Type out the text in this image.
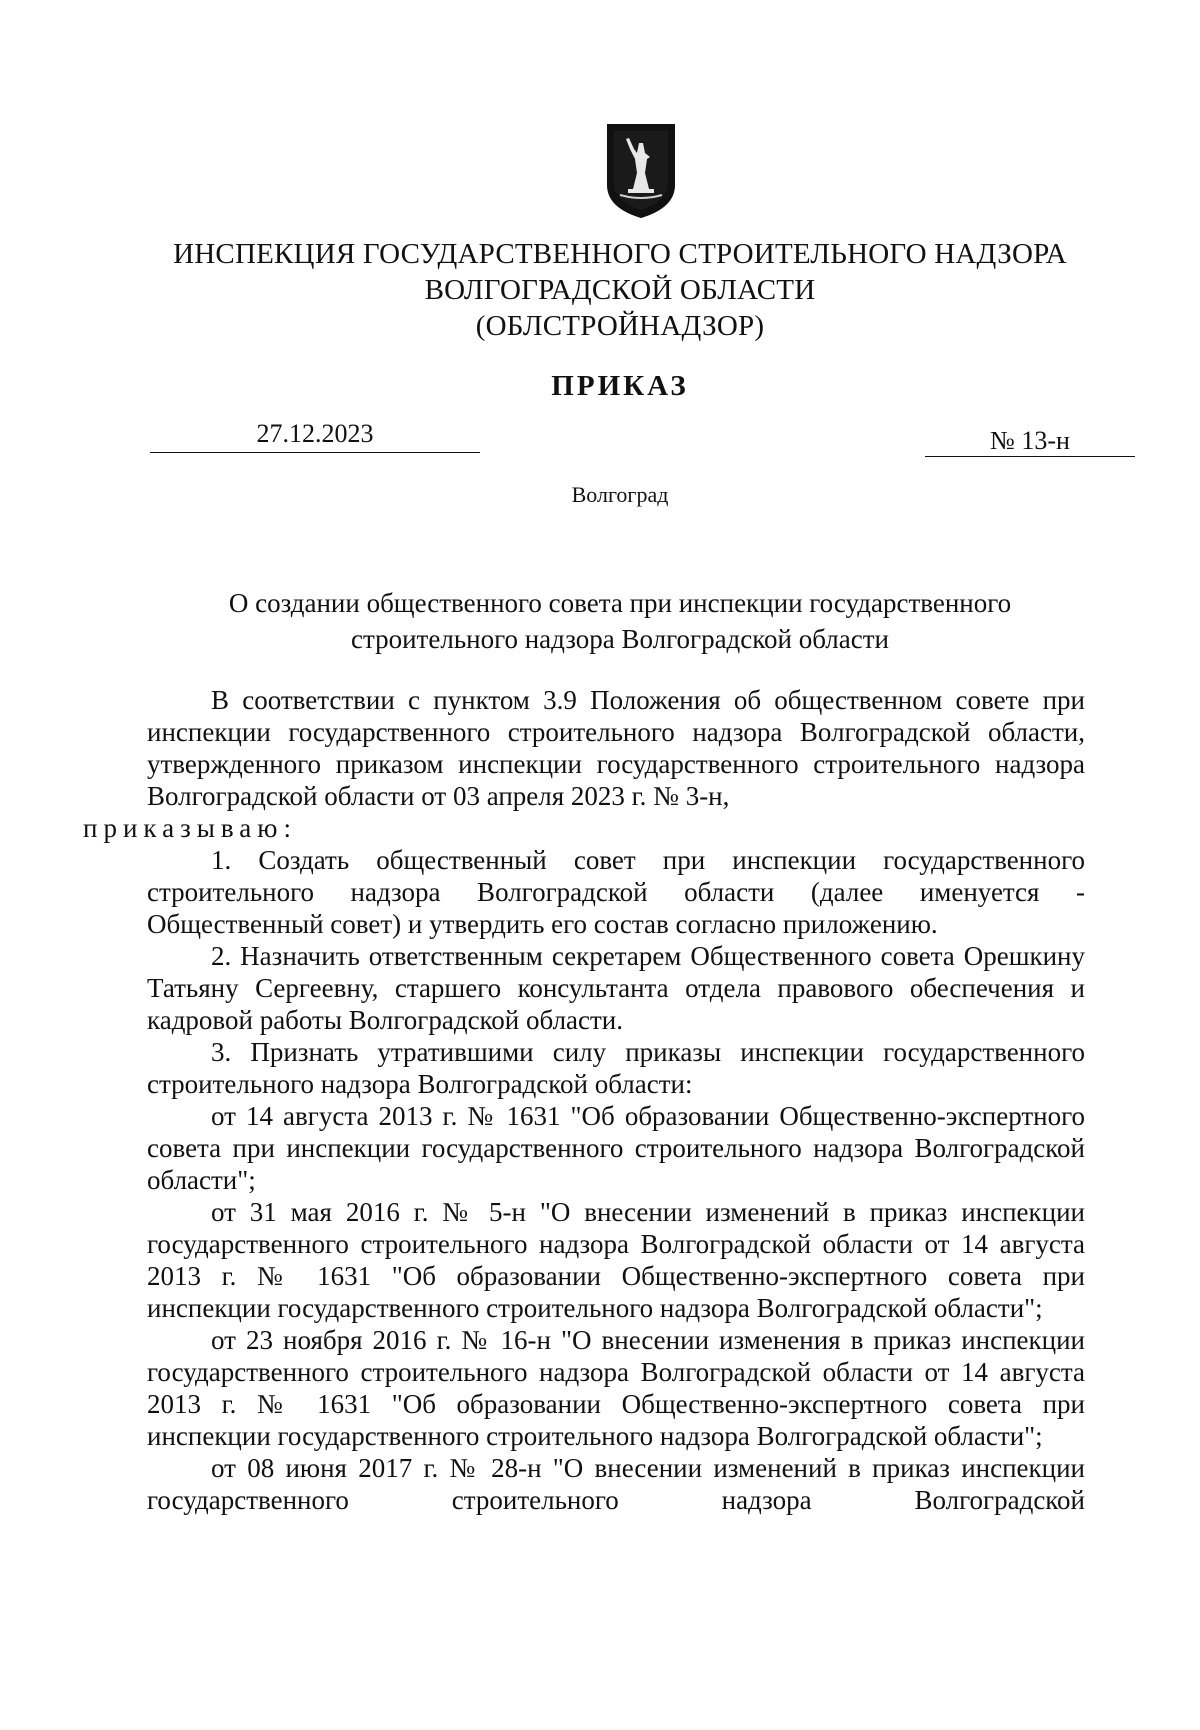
ИНСПЕКЦИЯ ГОСУДАРСТВЕННОГО СТРОИТЕЛЬНОГО НАДЗОРА
ВОЛГОГРАДСКОЙ ОБЛАСТИ
(ОБЛСТРОЙНАДЗОР)
ПРИКАЗ
27.12.2023	№ 13-н
Волгоград
О создании общественного совета при инспекции государственного
строительного надзора Волгоградской области

В соответствии с пунктом 3.9 Положения об общественном совете при инспекции государственного строительного надзора Волгоградской области, утвержденного приказом инспекции государственного строительного надзора Волгоградской области от 03 апреля 2023 г. № 3-н,
приказываю:

1. Создать общественный совет при инспекции государственного строительного надзора Волгоградской области (далее именуется - Общественный совет) и утвердить его состав согласно приложению.

2. Назначить ответственным секретарем Общественного совета Орешкину Татьяну Сергеевну, старшего консультанта отдела правового обеспечения и кадровой работы Волгоградской области.

3. Признать утратившими силу приказы инспекции государственного строительного надзора Волгоградской области:

от 14 августа 2013 г. № 1631 "Об образовании Общественно-экспертного совета при инспекции государственного строительного надзора Волгоградской области";

от 31 мая 2016 г. № 5-н "О внесении изменений в приказ инспекции государственного строительного надзора Волгоградской области от 14 августа 2013 г. № 1631 "Об образовании Общественно-экспертного совета при инспекции государственного строительного надзора Волгоградской области";

от 23 ноября 2016 г. № 16-н "О внесении изменения в приказ инспекции государственного строительного надзора Волгоградской области от 14 августа 2013 г. № 1631 "Об образовании Общественно-экспертного совета при инспекции государственного строительного надзора Волгоградской области";

от 08 июня 2017 г. № 28-н "О внесении изменений в приказ инспекции государственного строительного надзора Волгоградской
